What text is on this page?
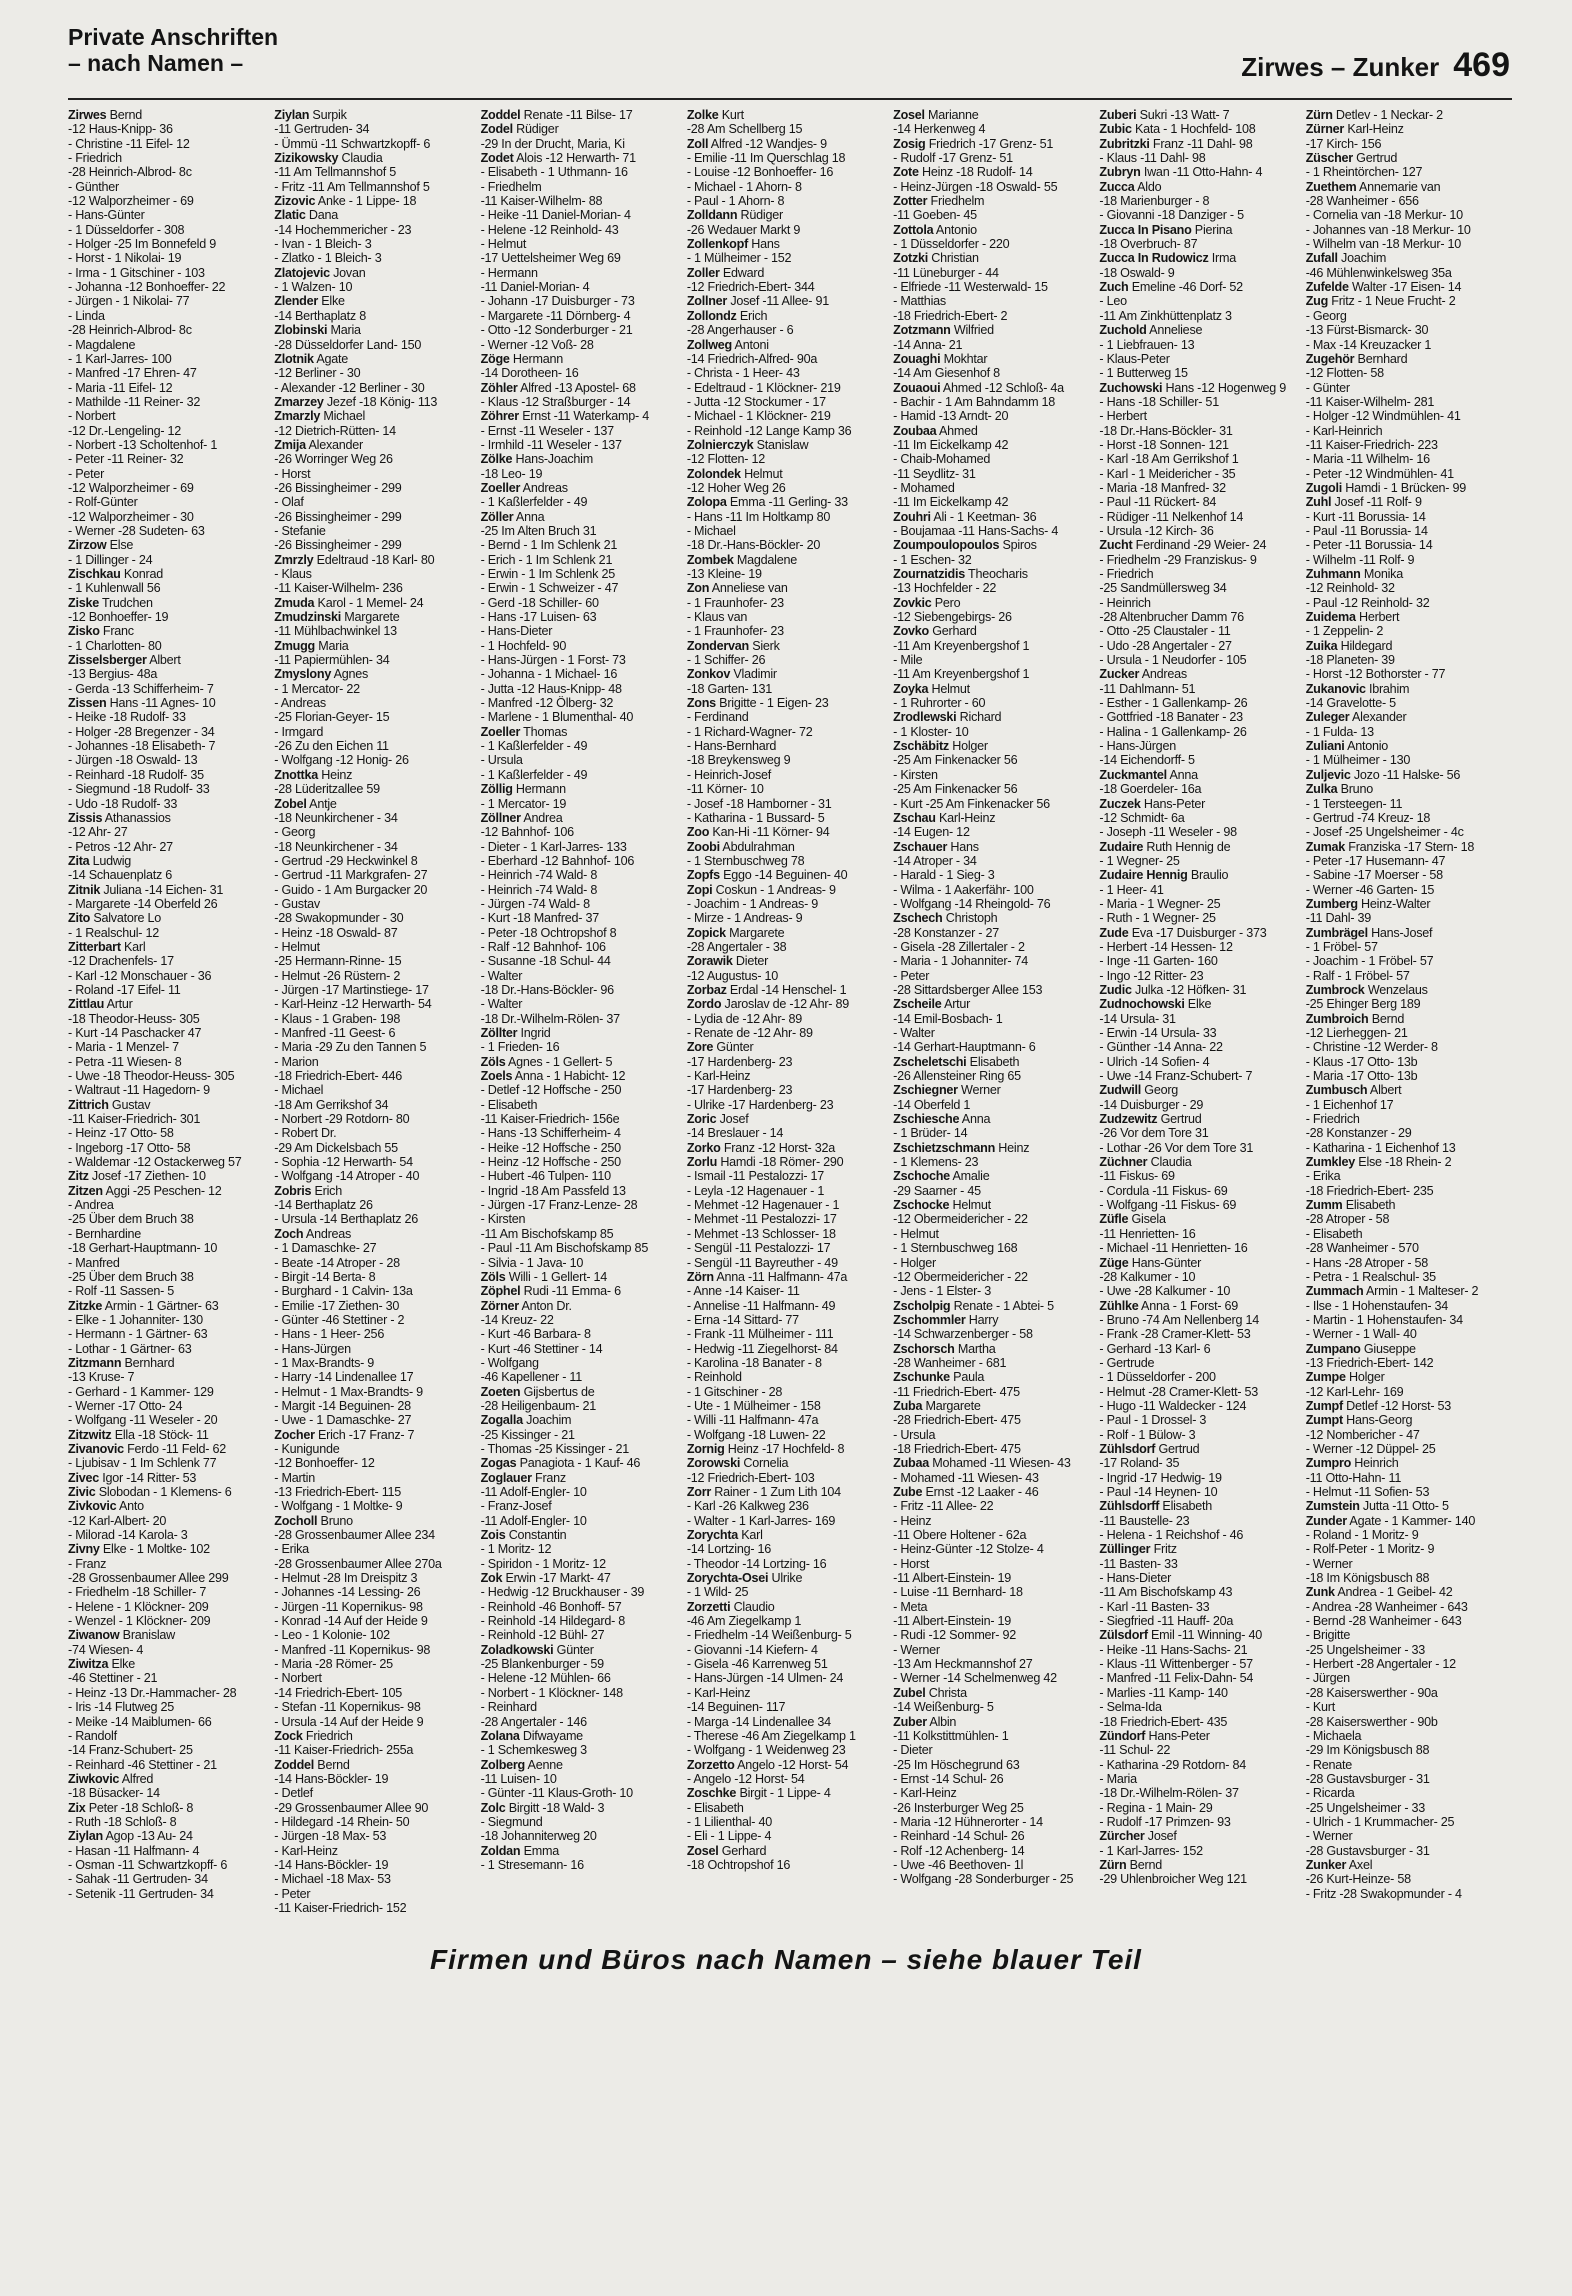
Private Anschriften
– nach Namen –	Zirwes – Zunker 469
Zirwes Bernd
-12 Haus-Knipp- 36
- Christine -11 Eifel- 12
- Friedrich
-28 Heinrich-Albrod- 8c
- Günther
-12 Walporzheimer - 69
- Hans-Günter
- 1 Düsseldorfer - 308
- Holger -25 Im Bonnefeld 9
- Horst - 1 Nikolai- 19
- Irma - 1 Gitschiner - 103
- Johanna -12 Bonhoeffer- 22
- Jürgen - 1 Nikolai- 77
- Linda
-28 Heinrich-Albrod- 8c
- Magdalene
- 1 Karl-Jarres- 100
- Manfred -17 Ehren- 47
- Maria -11 Eifel- 12
- Mathilde -11 Reiner- 32
- Norbert
-12 Dr.-Lengeling- 12
- Norbert -13 Scholtenhof- 1
- Peter -11 Reiner- 32
- Peter
-12 Walporzheimer - 69
- Rolf-Günter
-12 Walporzheimer - 30
- Werner -28 Sudeten- 63
Zirzow Else
- 1 Dillinger - 24
Zischkau Konrad
- 1 Kuhlenwall 56
Ziske Trudchen
-12 Bonhoeffer- 19
Zisko Franc
- 1 Charlotten- 80
Zisselsberger Albert
-13 Bergius- 48a
- Gerda -13 Schifferheim- 7
Zissen Hans -11 Agnes- 10
- Heike -18 Rudolf- 33
- Holger -28 Bregenzer - 34
- Johannes -18 Elisabeth- 7
- Jürgen -18 Oswald- 13
- Reinhard -18 Rudolf- 35
- Siegmund -18 Rudolf- 33
- Udo -18 Rudolf- 33
Zissis Athanassios
-12 Ahr- 27
- Petros -12 Ahr- 27
Zita Ludwig
-14 Schauenplatz 6
Zitnik Juliana -14 Eichen- 31
- Margarete -14 Oberfeld 26
Zito Salvatore Lo
- 1 Realschul- 12
Zitterbart Karl
-12 Drachenfels- 17
- Karl -12 Monschauer - 36
- Roland -17 Eifel- 11
Zittlau Artur
-18 Theodor-Heuss- 305
- Kurt -14 Paschacker 47
- Maria - 1 Menzel- 7
- Petra -11 Wiesen- 8
- Uwe -18 Theodor-Heuss- 305
- Waltraut -11 Hagedorn- 9
Zittrich Gustav
-11 Kaiser-Friedrich- 301
- Heinz -17 Otto- 58
- Ingeborg -17 Otto- 58
- Waldemar -12 Ostackerweg 57
Zitz Josef -17 Ziethen- 10
Zitzen Aggi -25 Peschen- 12
- Andrea
-25 Über dem Bruch 38
- Bernhardine
-18 Gerhart-Hauptmann- 10
- Manfred
-25 Über dem Bruch 38
- Rolf -11 Sassen- 5
Zitzke Armin - 1 Gärtner- 63
- Elke - 1 Johanniter- 130
- Hermann - 1 Gärtner- 63
- Lothar - 1 Gärtner- 63
Zitzmann Bernhard
-13 Kruse- 7
- Gerhard - 1 Kammer- 129
- Werner -17 Otto- 24
- Wolfgang -11 Weseler - 20
Zitzwitz Ella -18 Stöck- 11
Zivanovic Ferdo -11 Feld- 62
- Ljubisav - 1 Im Schlenk 77
Zivec Igor -14 Ritter- 53
Zivic Slobodan - 1 Klemens- 6
Zivkovic Anto
-12 Karl-Albert- 20
- Milorad -14 Karola- 3
Zivny Elke - 1 Moltke- 102
- Franz
-28 Grossenbaumer Allee 299
- Friedhelm -18 Schiller- 7
- Helene - 1 Klöckner- 209
- Wenzel - 1 Klöckner- 209
Ziwanow Branislaw
-74 Wiesen- 4
Ziwitza Elke
-46 Stettiner - 21
- Heinz -13 Dr.-Hammacher- 28
- Iris -14 Flutweg 25
- Meike -14 Maiblumen- 66
- Randolf
-14 Franz-Schubert- 25
- Reinhard -46 Stettiner - 21
Ziwkovic Alfred
-18 Büsacker- 14
Zix Peter -18 Schloß- 8
- Ruth -18 Schloß- 8
Ziylan Agop -13 Au- 24
- Hasan -11 Halfmann- 4
- Osman -11 Schwartzkopff- 6
- Sahak -11 Gertruden- 34
- Setenik -11 Gertruden- 34
Ziylan Surpik
-11 Gertruden- 34
- Ümmü -11 Schwartzkopff- 6
Zizikowsky Claudia
-11 Am Tellmannshof 5
- Fritz -11 Am Tellmannshof 5
Zizovic Anke - 1 Lippe- 18
Zlatic Dana
-14 Hochemmericher - 23
- Ivan - 1 Bleich- 3
- Zlatko - 1 Bleich- 3
Zlatojevic Jovan
- 1 Walzen- 10
Zlender Elke
-14 Berthaplatz 8
Zlobinski Maria
-28 Düsseldorfer Land- 150
Zlotnik Agate
-12 Berliner - 30
- Alexander -12 Berliner - 30
Zmarzey Jezef -18 König- 113
Zmarzly Michael
-12 Dietrich-Rütten- 14
Zmija Alexander
-26 Worringer Weg 26
- Horst
-26 Bissingheimer - 299
- Olaf
-26 Bissingheimer - 299
- Stefanie
-26 Bissingheimer - 299
Zmrzly Edeltraud -18 Karl- 80
- Klaus
-11 Kaiser-Wilhelm- 236
Zmuda Karol - 1 Memel- 24
Zmudzinski Margarete
-11 Mühlbachwinkel 13
Zmugg Maria
-11 Papiermühlen- 34
Zmyslony Agnes
- 1 Mercator- 22
- Andreas
-25 Florian-Geyer- 15
- Irmgard
-26 Zu den Eichen 11
- Wolfgang -12 Honig- 26
Znottka Heinz
-28 Lüderitzallee 59
Zobel Antje
-18 Neunkirchener - 34
- Georg
-18 Neunkirchener - 34
- Gertrud -29 Heckwinkel 8
- Gertrud -11 Markgrafen- 27
- Guido - 1 Am Burgacker 20
- Gustav
-28 Swakopmunder - 30
- Heinz -18 Oswald- 87
- Helmut
-25 Hermann-Rinne- 15
- Helmut -26 Rüstern- 2
- Jürgen -17 Martinstiege- 17
- Karl-Heinz -12 Herwarth- 54
- Klaus - 1 Graben- 198
- Manfred -11 Geest- 6
- Maria -29 Zu den Tannen 5
- Marion
-18 Friedrich-Ebert- 446
- Michael
-18 Am Gerrikshof 34
- Norbert -29 Rotdorn- 80
- Robert Dr.
-29 Am Dickelsbach 55
- Sophia -12 Herwarth- 54
- Wolfgang -14 Atroper - 40
Zobris Erich
-14 Berthaplatz 26
- Ursula -14 Berthaplatz 26
Zoch Andreas
- 1 Damaschke- 27
- Beate -14 Atroper - 28
- Birgit -14 Berta- 8
- Burghard - 1 Calvin- 13a
- Emilie -17 Ziethen- 30
- Günter -46 Stettiner - 2
- Hans - 1 Heer- 256
- Hans-Jürgen
- 1 Max-Brandts- 9
- Harry -14 Lindenallee 17
- Helmut - 1 Max-Brandts- 9
- Margit -14 Beguinen- 28
- Uwe - 1 Damaschke- 27
Zocher Erich -17 Franz- 7
- Kunigunde
-12 Bonhoeffer- 12
- Martin
-13 Friedrich-Ebert- 115
- Wolfgang - 1 Moltke- 9
Zocholl Bruno
-28 Grossenbaumer Allee 234
- Erika
-28 Grossenbaumer Allee 270a
- Helmut -28 Im Dreispitz 3
- Johannes -14 Lessing- 26
- Jürgen -11 Kopernikus- 98
- Konrad -14 Auf der Heide 9
- Leo - 1 Kolonie- 102
- Manfred -11 Kopernikus- 98
- Maria -28 Römer- 25
- Norbert
-14 Friedrich-Ebert- 105
- Stefan -11 Kopernikus- 98
- Ursula -14 Auf der Heide 9
Zock Friedrich
-11 Kaiser-Friedrich- 255a
Zoddel Bernd
-14 Hans-Böckler- 19
- Detlef
-29 Grossenbaumer Allee 90
- Hildegard -14 Rhein- 50
- Jürgen -18 Max- 53
- Karl-Heinz
-14 Hans-Böckler- 19
- Michael -18 Max- 53
- Peter
-11 Kaiser-Friedrich- 152
Zoddel Renate -11 Bilse- 17
Zodel Rüdiger
-29 In der Drucht, Maria, Ki
Zodet Alois -12 Herwarth- 71
- Elisabeth - 1 Uthmann- 16
- Friedhelm
-11 Kaiser-Wilhelm- 88
- Heike -11 Daniel-Morian- 4
- Helene -12 Reinhold- 43
- Helmut
-17 Uettelsheimer Weg 69
- Hermann
-11 Daniel-Morian- 4
- Johann -17 Duisburger - 73
- Margarete -11 Dörnberg- 4
- Otto -12 Sonderburger - 21
- Werner -12 Voß- 28
Zöge Hermann
-14 Dorotheen- 16
Zöhler Alfred -13 Apostel- 68
- Klaus -12 Straßburger - 14
Zöhrer Ernst -11 Waterkamp- 4
- Ernst -11 Weseler - 137
- Irmhild -11 Weseler - 137
Zölke Hans-Joachim
-18 Leo- 19
Zoeller Andreas
- 1 Kaßlerfelder - 49
Zöller Anna
-25 Im Alten Bruch 31
- Bernd - 1 Im Schlenk 21
- Erich - 1 Im Schlenk 21
- Erwin - 1 Im Schlenk 25
- Erwin - 1 Schweizer - 47
- Gerd -18 Schiller- 60
- Hans -17 Luisen- 63
- Hans-Dieter
- 1 Hochfeld- 90
- Hans-Jürgen - 1 Forst- 73
- Johanna - 1 Michael- 16
- Jutta -12 Haus-Knipp- 48
- Manfred -12 Ölberg- 32
- Marlene - 1 Blumenthal- 40
Zoeller Thomas
- 1 Kaßlerfelder - 49
- Ursula
- 1 Kaßlerfelder - 49
Zöllig Hermann
- 1 Mercator- 19
Zöllner Andrea
-12 Bahnhof- 106
- Dieter - 1 Karl-Jarres- 133
- Eberhard -12 Bahnhof- 106
- Heinrich -74 Wald- 8
- Heinrich -74 Wald- 8
- Jürgen -74 Wald- 8
- Kurt -18 Manfred- 37
- Peter -18 Ochtropshof 8
- Ralf -12 Bahnhof- 106
- Susanne -18 Schul- 44
- Walter
-18 Dr.-Hans-Böckler- 96
- Walter
-18 Dr.-Wilhelm-Rölen- 37
Zöllter Ingrid
- 1 Frieden- 16
Zöls Agnes - 1 Gellert- 5
Zoels Anna - 1 Habicht- 12
- Detlef -12 Hoffsche - 250
- Elisabeth
-11 Kaiser-Friedrich- 156e
- Hans -13 Schifferheim- 4
- Heike -12 Hoffsche - 250
- Heinz -12 Hoffsche - 250
- Hubert -46 Tulpen- 110
- Ingrid -18 Am Passfeld 13
- Jürgen -17 Franz-Lenze- 28
- Kirsten
-11 Am Bischofskamp 85
- Paul -11 Am Bischofskamp 85
- Silvia - 1 Java- 10
Zöls Willi - 1 Gellert- 14
Zöphel Rudi -11 Emma- 6
Zörner Anton Dr.
-14 Kreuz- 22
- Kurt -46 Barbara- 8
- Kurt -46 Stettiner - 14
- Wolfgang
-46 Kapellener - 11
Zoeten Gijsbertus de
-28 Heiligenbaum- 21
Zogalla Joachim
-25 Kissinger - 21
- Thomas -25 Kissinger - 21
Zogas Panagiota - 1 Kauf- 46
Zoglauer Franz
-11 Adolf-Engler- 10
- Franz-Josef
-11 Adolf-Engler- 10
Zois Constantin
- 1 Moritz- 12
- Spiridon - 1 Moritz- 12
Zok Erwin -17 Markt- 47
- Hedwig -12 Bruckhauser - 39
- Reinhold -46 Bonhoff- 57
- Reinhold -14 Hildegard- 8
- Reinhold -12 Bühl- 27
Zoladkowski Günter
-25 Blankenburger - 59
- Helene -12 Mühlen- 66
- Norbert - 1 Klöckner- 148
- Reinhard
-28 Angertaler - 146
Zolana Difwayame
- 1 Schemkesweg 3
Zolberg Aenne
-11 Luisen- 10
- Günter -11 Klaus-Groth- 10
Zolc Birgitt -18 Wald- 3
- Siegmund
-18 Johanniterweg 20
Zoldan Emma
- 1 Stresemann- 16
Zolke Kurt
-28 Am Schellberg 15
Zoll Alfred -12 Wandjes- 9
- Emilie -11 Im Querschlag 18
- Louise -12 Bonhoeffer- 16
- Michael - 1 Ahorn- 8
- Paul - 1 Ahorn- 8
Zolldann Rüdiger
-26 Wedauer Markt 9
Zollenkopf Hans
- 1 Mülheimer - 152
Zoller Edward
-12 Friedrich-Ebert- 344
Zollner Josef -11 Allee- 91
Zollondz Erich
-28 Angerhauser - 6
Zollweg Antoni
-14 Friedrich-Alfred- 90a
- Christa - 1 Heer- 43
- Edeltraud - 1 Klöckner- 219
- Jutta -12 Stockumer - 17
- Michael - 1 Klöckner- 219
- Reinhold -12 Lange Kamp 36
Zolnierczyk Stanislaw
-12 Flotten- 12
Zolondek Helmut
-12 Hoher Weg 26
Zolopa Emma -11 Gerling- 33
- Hans -11 Im Holtkamp 80
- Michael
-18 Dr.-Hans-Böckler- 20
Zombek Magdalene
-13 Kleine- 19
Zon Anneliese van
- 1 Fraunhofer- 23
- Klaus van
- 1 Fraunhofer- 23
Zondervan Sierk
- 1 Schiffer- 26
Zonkov Vladimir
-18 Garten- 131
Zons Brigitte - 1 Eigen- 23
- Ferdinand
- 1 Richard-Wagner- 72
- Hans-Bernhard
-18 Breykensweg 9
- Heinrich-Josef
-11 Körner- 10
- Josef -18 Hamborner - 31
- Katharina - 1 Bussard- 5
Zoo Kan-Hi -11 Körner- 94
Zoobi Abdulrahman
- 1 Sternbuschweg 78
Zopfs Eggo -14 Beguinen- 40
Zopi Coskun - 1 Andreas- 9
- Joachim - 1 Andreas- 9
- Mirze - 1 Andreas- 9
Zopick Margarete
-28 Angertaler - 38
Zorawik Dieter
-12 Augustus- 10
Zorbaz Erdal -14 Henschel- 1
Zordo Jaroslav de -12 Ahr- 89
- Lydia de -12 Ahr- 89
- Renate de -12 Ahr- 89
Zore Günter
-17 Hardenberg- 23
- Karl-Heinz
-17 Hardenberg- 23
- Ulrike -17 Hardenberg- 23
Zoric Josef
-14 Breslauer - 14
Zorko Franz -12 Horst- 32a
Zorlu Hamdi -18 Römer- 290
- Ismail -11 Pestalozzi- 17
- Leyla -12 Hagenauer - 1
- Mehmet -12 Hagenauer - 1
- Mehmet -11 Pestalozzi- 17
- Mehmet -13 Schlosser- 18
- Sengül -11 Pestalozzi- 17
- Sengül -11 Bayreuther - 49
Zörn Anna -11 Halfmann- 47a
- Anne -14 Kaiser- 11
- Annelise -11 Halfmann- 49
- Erna -14 Sittard- 77
- Frank -11 Mülheimer - 111
- Hedwig -11 Ziegelhorst- 84
- Karolina -18 Banater - 8
- Reinhold
- 1 Gitschiner - 28
- Ute - 1 Mülheimer - 158
- Willi -11 Halfmann- 47a
- Wolfgang -18 Luwen- 22
Zornig Heinz -17 Hochfeld- 8
Zorowski Cornelia
-12 Friedrich-Ebert- 103
Zorr Rainer - 1 Zum Lith 104
- Karl -26 Kalkweg 236
- Walter - 1 Karl-Jarres- 169
Zorychta Karl
-14 Lortzing- 16
- Theodor -14 Lortzing- 16
Zorychta-Osei Ulrike
- 1 Wild- 25
Zorzetti Claudio
-46 Am Ziegelkamp 1
- Friedhelm -14 Weißenburg- 5
- Giovanni -14 Kiefern- 4
- Gisela -46 Karrenweg 51
- Hans-Jürgen -14 Ulmen- 24
- Karl-Heinz
-14 Beguinen- 117
- Marga -14 Lindenallee 34
- Therese -46 Am Ziegelkamp 1
- Wolfgang - 1 Weidenweg 23
Zorzetto Angelo -12 Horst- 54
- Angelo -12 Horst- 54
Zoschke Birgit - 1 Lippe- 4
- Elisabeth
- 1 Lilienthal- 40
- Eli - 1 Lippe- 4
Zosel Gerhard
-18 Ochtropshof 16
Zosel Marianne
-14 Herkenweg 4
Zosig Friedrich -17 Grenz- 51
- Rudolf -17 Grenz- 51
Zote Heinz -18 Rudolf- 14
- Heinz-Jürgen -18 Oswald- 55
Zotter Friedhelm
-11 Goeben- 45
Zottola Antonio
- 1 Düsseldorfer - 220
Zotzki Christian
-11 Lüneburger - 44
- Elfriede -11 Westerwald- 15
- Matthias
-18 Friedrich-Ebert- 2
Zotzmann Wilfried
-14 Anna- 21
Zouaghi Mokhtar
-14 Am Giesenhof 8
Zouaoui Ahmed -12 Schloß- 4a
- Bachir - 1 Am Bahndamm 18
- Hamid -13 Arndt- 20
Zoubaa Ahmed
-11 Im Eickelkamp 42
- Chaib-Mohamed
-11 Seydlitz- 31
- Mohamed
-11 Im Eickelkamp 42
Zouhri Ali - 1 Keetman- 36
- Boujamaa -11 Hans-Sachs- 4
Zoumpoulopoulos Spiros
- 1 Eschen- 32
Zournatzidis Theocharis
-13 Hochfelder - 22
Zovkic Pero
-12 Siebengebirgs- 26
Zovko Gerhard
-11 Am Kreyenbergshof 1
- Mile
-11 Am Kreyenbergshof 1
Zoyka Helmut
- 1 Ruhrorter - 60
Zrodlewski Richard
- 1 Kloster- 10
Zschäbitz Holger
-25 Am Finkenacker 56
- Kirsten
-25 Am Finkenacker 56
- Kurt -25 Am Finkenacker 56
Zschau Karl-Heinz
-14 Eugen- 12
Zschauer Hans
-14 Atroper - 34
- Harald - 1 Sieg- 3
- Wilma - 1 Aakerfähr- 100
- Wolfgang -14 Rheingold- 76
Zschech Christoph
-28 Konstanzer - 27
- Gisela -28 Zillertaler - 2
- Maria - 1 Johanniter- 74
- Peter
-28 Sittardsberger Allee 153
Zscheile Artur
-14 Emil-Bosbach- 1
- Walter
-14 Gerhart-Hauptmann- 6
Zscheletschi Elisabeth
-26 Allensteiner Ring 65
Zschiegner Werner
-14 Oberfeld 1
Zschiesche Anna
- 1 Brüder- 14
Zschietzschmann Heinz
- 1 Klemens- 23
Zschoche Amalie
-29 Saarner - 45
Zschocke Helmut
-12 Obermeidericher - 22
- Helmut
- 1 Sternbuschweg 168
- Holger
-12 Obermeidericher - 22
- Jens - 1 Elster- 3
Zscholpig Renate - 1 Abtei- 5
Zschommler Harry
-14 Schwarzenberger - 58
Zschorsch Martha
-28 Wanheimer - 681
Zschunke Paula
-11 Friedrich-Ebert- 475
Zuba Margarete
-28 Friedrich-Ebert- 475
- Ursula
-18 Friedrich-Ebert- 475
Zubaa Mohamed -11 Wiesen- 43
- Mohamed -11 Wiesen- 43
Zube Ernst -12 Laaker - 46
- Fritz -11 Allee- 22
- Heinz
-11 Obere Holtener - 62a
- Heinz-Günter -12 Stolze- 4
- Horst
-11 Albert-Einstein- 19
- Luise -11 Bernhard- 18
- Meta
-11 Albert-Einstein- 19
- Rudi -12 Sommer- 92
- Werner
-13 Am Heckmannshof 27
- Werner -14 Schelmenweg 42
Zubel Christa
-14 Weißenburg- 5
Zuber Albin
-11 Kolkstittmühlen- 1
- Dieter
-25 Im Höschegrund 63
- Ernst -14 Schul- 26
- Karl-Heinz
-26 Insterburger Weg 25
- Maria -12 Hühnerorter - 14
- Reinhard -14 Schul- 26
- Rolf -12 Achenberg- 14
- Uwe -46 Beethoven- 1l
- Wolfgang -28 Sonderburger - 25
Zuberi Sukri -13 Watt- 7
Zubic Kata - 1 Hochfeld- 108
Zubritzki Franz -11 Dahl- 98
- Klaus -11 Dahl- 98
Zubryn Iwan -11 Otto-Hahn- 4
Zucca Aldo
-18 Marienburger - 8
- Giovanni -18 Danziger - 5
Zucca In Pisano Pierina
-18 Overbruch- 87
Zucca In Rudowicz Irma
-18 Oswald- 9
Zuch Emeline -46 Dorf- 52
- Leo
-11 Am Zinkhüttenplatz 3
Zuchold Anneliese
- 1 Liebfrauen- 13
- Klaus-Peter
- 1 Butterweg 15
Zuchowski Hans -12 Hogenweg 9
- Hans -18 Schiller- 51
- Herbert
-18 Dr.-Hans-Böckler- 31
- Horst -18 Sonnen- 121
- Karl -18 Am Gerrikshof 1
- Karl - 1 Meidericher - 35
- Maria -18 Manfred- 32
- Paul -11 Rückert- 84
- Rüdiger -11 Nelkenhof 14
- Ursula -12 Kirch- 36
Zucht Ferdinand -29 Weier- 24
- Friedhelm -29 Franziskus- 9
- Friedrich
-25 Sandmüllersweg 34
- Heinrich
-28 Altenbrucher Damm 76
- Otto -25 Claustaler - 11
- Udo -28 Angertaler - 27
- Ursula - 1 Neudorfer - 105
Zucker Andreas
-11 Dahlmann- 51
- Esther - 1 Gallenkamp- 26
- Gottfried -18 Banater - 23
- Halina - 1 Gallenkamp- 26
- Hans-Jürgen
-14 Eichendorff- 5
Zuckmantel Anna
-18 Goerdeler- 16a
Zuczek Hans-Peter
-12 Schmidt- 6a
- Joseph -11 Weseler - 98
Zudaire Ruth Hennig de
- 1 Wegner- 25
Zudaire Hennig Braulio
- 1 Heer- 41
- Maria - 1 Wegner- 25
- Ruth - 1 Wegner- 25
Zude Eva -17 Duisburger - 373
- Herbert -14 Hessen- 12
- Inge -11 Garten- 160
- Ingo -12 Ritter- 23
Zudic Julka -12 Höfken- 31
Zudnochowski Elke
-14 Ursula- 31
- Erwin -14 Ursula- 33
- Günther -14 Anna- 22
- Ulrich -14 Sofien- 4
- Uwe -14 Franz-Schubert- 7
Zudwill Georg
-14 Duisburger - 29
Zudzewitz Gertrud
-26 Vor dem Tore 31
- Lothar -26 Vor dem Tore 31
Züchner Claudia
-11 Fiskus- 69
- Cordula -11 Fiskus- 69
- Wolfgang -11 Fiskus- 69
Züfle Gisela
-11 Henrietten- 16
- Michael -11 Henrietten- 16
Züge Hans-Günter
-28 Kalkumer - 10
- Uwe -28 Kalkumer - 10
Zühlke Anna - 1 Forst- 69
- Bruno -74 Am Nellenberg 14
- Frank -28 Cramer-Klett- 53
- Gerhard -13 Karl- 6
- Gertrude
- 1 Düsseldorfer - 200
- Helmut -28 Cramer-Klett- 53
- Hugo -11 Waldecker - 124
- Paul - 1 Drossel- 3
- Rolf - 1 Bülow- 3
Zühlsdorf Gertrud
-17 Roland- 35
- Ingrid -17 Hedwig- 19
- Paul -14 Heynen- 10
Zühlsdorff Elisabeth
-11 Baustelle- 23
- Helena - 1 Reichshof - 46
Züllinger Fritz
-11 Basten- 33
- Hans-Dieter
-11 Am Bischofskamp 43
- Karl -11 Basten- 33
- Siegfried -11 Hauff- 20a
Zülsdorf Emil -11 Winning- 40
- Heike -11 Hans-Sachs- 21
- Klaus -11 Wittenberger - 57
- Manfred -11 Felix-Dahn- 54
- Marlies -11 Kamp- 140
- Selma-Ida
-18 Friedrich-Ebert- 435
Zündorf Hans-Peter
-11 Schul- 22
- Katharina -29 Rotdorn- 84
- Maria
-18 Dr.-Wilhelm-Rölen- 37
- Regina - 1 Main- 29
- Rudolf -17 Primzen- 93
Zürcher Josef
- 1 Karl-Jarres- 152
Zürn Bernd
-29 Uhlenbroicher Weg 121
Zürn Detlev - 1 Neckar- 2
Zürner Karl-Heinz
-17 Kirch- 156
Züscher Gertrud
- 1 Rheintörchen- 127
Zuethem Annemarie van
-28 Wanheimer - 656
- Cornelia van -18 Merkur- 10
- Johannes van -18 Merkur- 10
- Wilhelm van -18 Merkur- 10
Zufall Joachim
-46 Mühlenwinkelsweg 35a
Zufelde Walter -17 Eisen- 14
Zug Fritz - 1 Neue Frucht- 2
- Georg
-13 Fürst-Bismarck- 30
- Max -14 Kreuzacker 1
Zugehör Bernhard
-12 Flotten- 58
- Günter
-11 Kaiser-Wilhelm- 281
- Holger -12 Windmühlen- 41
- Karl-Heinrich
-11 Kaiser-Friedrich- 223
- Maria -11 Wilhelm- 16
- Peter -12 Windmühlen- 41
Zugoli Hamdi - 1 Brücken- 99
Zuhl Josef -11 Rolf- 9
- Kurt -11 Borussia- 14
- Paul -11 Borussia- 14
- Peter -11 Borussia- 14
- Wilhelm -11 Rolf- 9
Zuhmann Monika
-12 Reinhold- 32
- Paul -12 Reinhold- 32
Zuidema Herbert
- 1 Zeppelin- 2
Zuika Hildegard
-18 Planeten- 39
- Horst -12 Bothorster - 77
Zukanovic Ibrahim
-14 Gravelotte- 5
Zuleger Alexander
- 1 Fulda- 13
Zuliani Antonio
- 1 Mülheimer - 130
Zuljevic Jozo -11 Halske- 56
Zulka Bruno
- 1 Tersteegen- 11
- Gertrud -74 Kreuz- 18
- Josef -25 Ungelsheimer - 4c
Zumak Franziska -17 Stern- 18
- Peter -17 Husemann- 47
- Sabine -17 Moerser - 58
- Werner -46 Garten- 15
Zumberg Heinz-Walter
-11 Dahl- 39
Zumbrägel Hans-Josef
- 1 Fröbel- 57
- Joachim - 1 Fröbel- 57
- Ralf - 1 Fröbel- 57
Zumbrock Wenzelaus
-25 Ehinger Berg 189
Zumbroich Bernd
-12 Lierheggen- 21
- Christine -12 Werder- 8
- Klaus -17 Otto- 13b
- Maria -17 Otto- 13b
Zumbusch Albert
- 1 Eichenhof 17
- Friedrich
-28 Konstanzer - 29
- Katharina - 1 Eichenhof 13
Zumkley Else -18 Rhein- 2
- Erika
-18 Friedrich-Ebert- 235
Zumm Elisabeth
-28 Atroper - 58
- Elisabeth
-28 Wanheimer - 570
- Hans -28 Atroper - 58
- Petra - 1 Realschul- 35
Zummach Armin - 1 Malteser- 2
- Ilse - 1 Hohenstaufen- 34
- Martin - 1 Hohenstaufen- 34
- Werner - 1 Wall- 40
Zumpano Giuseppe
-13 Friedrich-Ebert- 142
Zumpe Holger
-12 Karl-Lehr- 169
Zumpf Detlef -12 Horst- 53
Zumpt Hans-Georg
-12 Nombericher - 47
- Werner -12 Düppel- 25
Zumpro Heinrich
-11 Otto-Hahn- 11
- Helmut -11 Sofien- 53
Zumstein Jutta -11 Otto- 5
Zunder Agate - 1 Kammer- 140
- Roland - 1 Moritz- 9
- Rolf-Peter - 1 Moritz- 9
- Werner
-18 Im Königsbusch 88
Zunk Andrea - 1 Geibel- 42
- Andrea -28 Wanheimer - 643
- Bernd -28 Wanheimer - 643
- Brigitte
-25 Ungelsheimer - 33
- Herbert -28 Angertaler - 12
- Jürgen
-28 Kaiserswerther - 90a
- Kurt
-28 Kaiserswerther - 90b
- Michaela
-29 Im Königsbusch 88
- Renate
-28 Gustavsburger - 31
- Ricarda
-25 Ungelsheimer - 33
- Ulrich - 1 Krummacher- 25
- Werner
-28 Gustavsburger - 31
Zunker Axel
-26 Kurt-Heinze- 58
- Fritz -28 Swakopmunder - 4
Firmen und Büros nach Namen – siehe blauer Teil
